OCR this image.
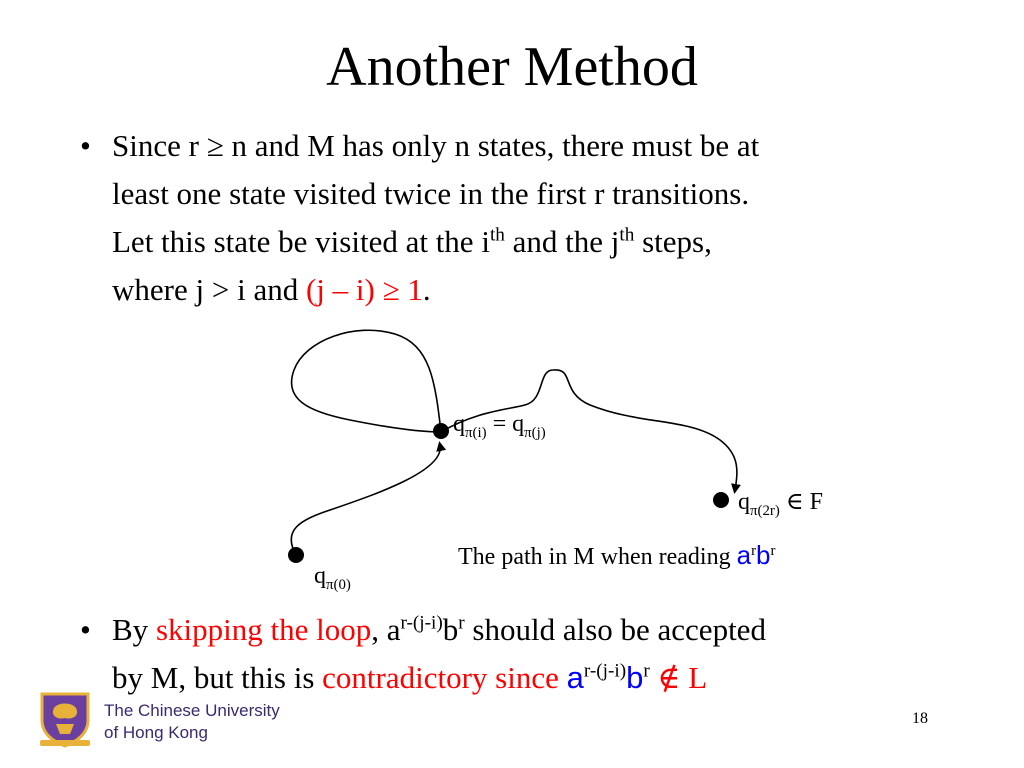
Another Method
• Since r ≥ n and M has only n states, there must be at
least one state visited twice in the first r transitions.
Let this state be visited at the $i^{th}$ and the $j^{th}$ steps,
where j > i and (j – i) ≥ 1.
$q_{\pi(i)} = q_{\pi(j)}$
$q_{\pi(2r)}$ ∈ F
$q_{\pi(0)}$
The path in M when reading $a^rb^r$
• By skipping the loop, $a^{r-(j-i)}b^r$ should also be accepted
by M, but this is contradictory since $a^{r-(j-i)}b^r$ ∉ L
The Chinese University
of Hong Kong
18
